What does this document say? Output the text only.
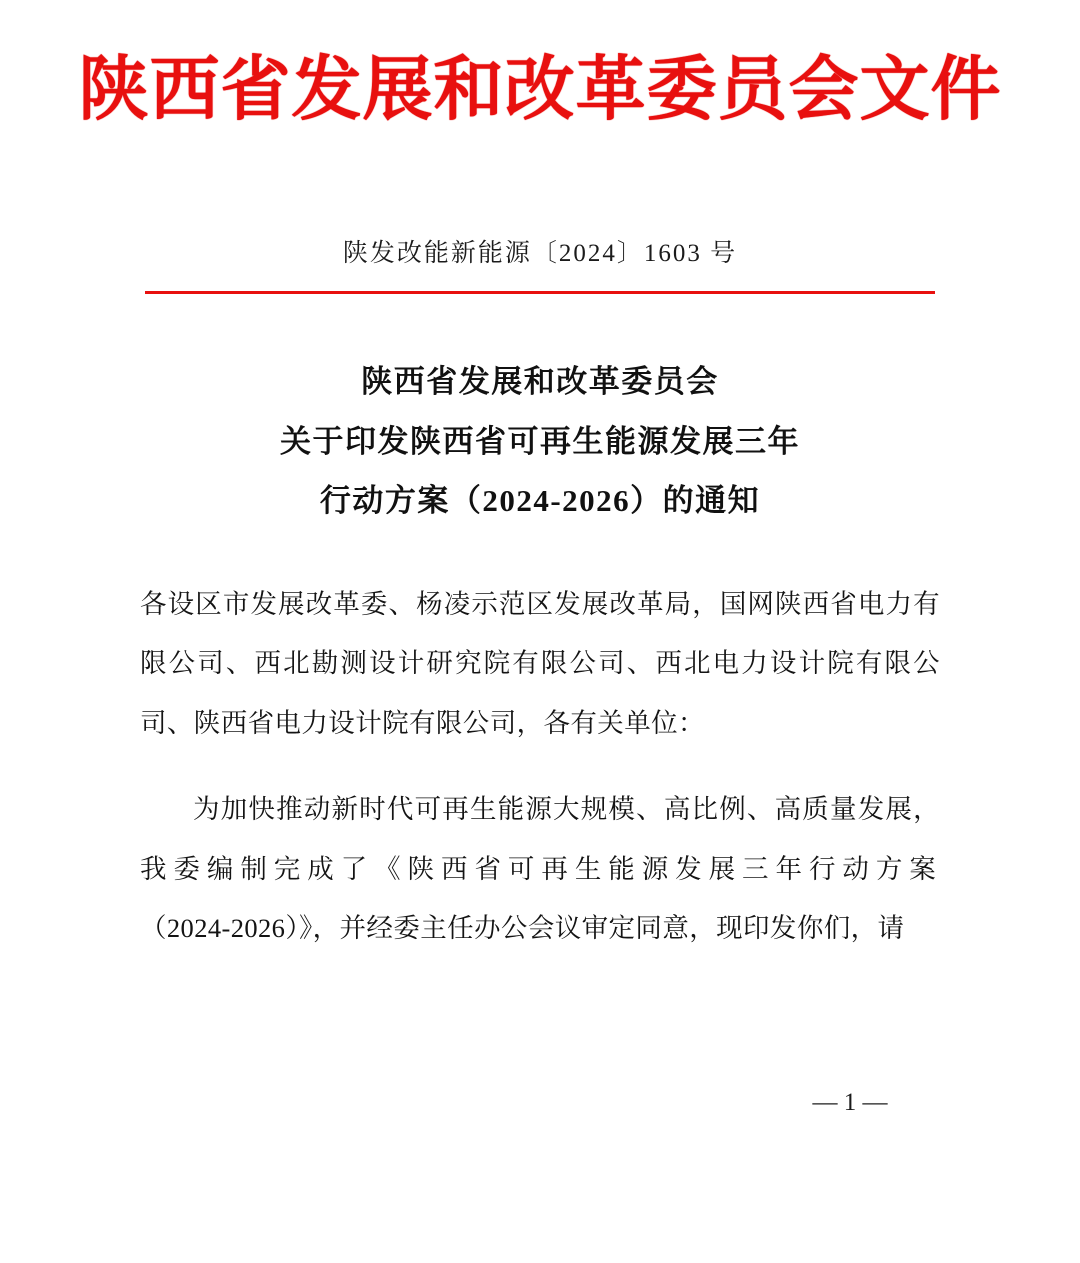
陕西省发展和改革委员会文件
陕发改能新能源〔2024〕1603 号
陕西省发展和改革委员会
关于印发陕西省可再生能源发展三年
行动方案（2024-2026）的通知

各设区市发展改革委、杨凌示范区发展改革局，国网陕西省电力有限公司、西北勘测设计研究院有限公司、西北电力设计院有限公司、陕西省电力设计院有限公司，各有关单位：

为加快推动新时代可再生能源大规模、高比例、高质量发展， 我委编制完成了《陕西省可再生能源发展三年行动方案 （2024-2026）》，并经委主任办公会议审定同意，现印发你们，请

— 1 —
